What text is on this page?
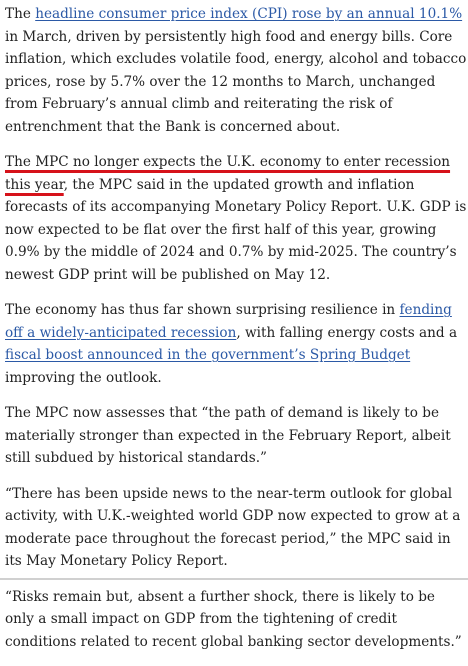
The headline consumer price index (CPI) rose by an annual 10.1% in March, driven by persistently high food and energy bills. Core inflation, which excludes volatile food, energy, alcohol and tobacco prices, rose by 5.7% over the 12 months to March, unchanged from February’s annual climb and reiterating the risk of entrenchment that the Bank is concerned about.

The MPC no longer expects the U.K. economy to enter recession this year, the MPC said in the updated growth and inflation forecasts of its accompanying Monetary Policy Report. U.K. GDP is now expected to be flat over the first half of this year, growing 0.9% by the middle of 2024 and 0.7% by mid-2025. The country’s newest GDP print will be published on May 12.

The economy has thus far shown surprising resilience in fending off a widely-anticipated recession, with falling energy costs and a fiscal boost announced in the government’s Spring Budget improving the outlook.

The MPC now assesses that “the path of demand is likely to be materially stronger than expected in the February Report, albeit still subdued by historical standards.”

“There has been upside news to the near-term outlook for global activity, with U.K.-weighted world GDP now expected to grow at a moderate pace throughout the forecast period,” the MPC said in its May Monetary Policy Report.

“Risks remain but, absent a further shock, there is likely to be only a small impact on GDP from the tightening of credit conditions related to recent global banking sector developments.”
